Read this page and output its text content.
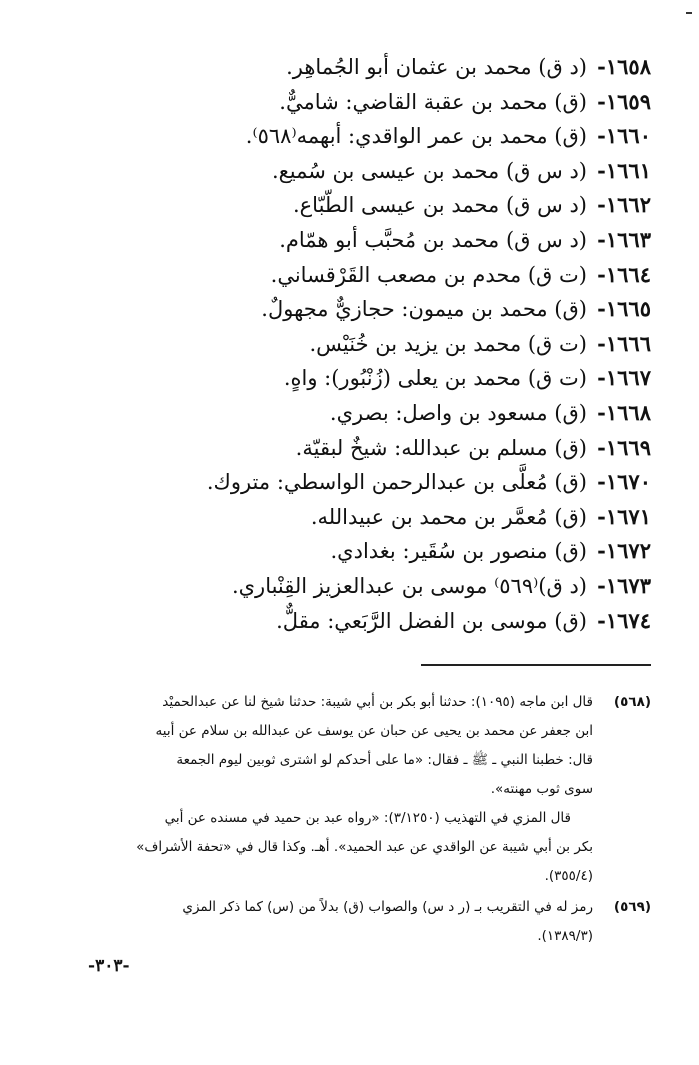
١٦٥٨-
(د ق) محمد بن عثمان أبو الجُماهِر.
١٦٥٩-
(ق) محمد بن عقبة القاضي: شاميٌّ.
١٦٦٠-
(ق) محمد بن عمر الواقدي: أبهمه⁽٥٦٨⁾.
١٦٦١-
(د س ق) محمد بن عيسى بن سُميع.
١٦٦٢-
(د س ق) محمد بن عيسى الطّبّاع.
١٦٦٣-
(د س ق) محمد بن مُحبَّب أبو همّام.
١٦٦٤-
(ت ق) محدم بن مصعب القَرْقساني.
١٦٦٥-
(ق) محمد بن ميمون: حجازيٌّ مجهولٌ.
١٦٦٦-
(ت ق) محمد بن يزيد بن خُنَيْس.
١٦٦٧-
(ت ق) محمد بن يعلى (زُنْبُور): واهٍ.
١٦٦٨-
(ق) مسعود بن واصل: بصري.
١٦٦٩-
(ق) مسلم بن عبدالله: شيخٌ لبقيّة.
١٦٧٠-
(ق) مُعلَّى بن عبدالرحمن الواسطي: متروك.
١٦٧١-
(ق) مُعمَّر بن محمد بن عبيدالله.
١٦٧٢-
(ق) منصور بن سُقَير: بغدادي.
١٦٧٣-
(د ق)⁽٥٦٩⁾ موسى بن عبدالعزيز القِنْباري.
١٦٧٤-
(ق) موسى بن الفضل الرَّبَعي: مقلٌّ.
(٥٦٨)
قال ابن ماجه (١٠٩٥): حدثنا أبو بكر بن أبي شيبة: حدثنا شيخ لنا عن عبدالحميْد
ابن جعفر عن محمد بن يحيى عن حبان عن يوسف عن عبدالله بن سلام عن أبيه
قال: خطبنا النبي ـ ﷺ ـ فقال: «ما على أحدكم لو اشترى ثوبين ليوم الجمعة
سوى ثوب مهنته».
قال المزي في التهذيب (٣/١٢٥٠): «رواه عبد بن حميد في مسنده عن أبي
بكر بن أبي شيبة عن الواقدي عن عبد الحميد». أهـ. وكذا قال في «تحفة الأشراف»
(٣٥٥/٤).
(٥٦٩)
رمز له في التقريب بـ (ر د س) والصواب (ق) بدلاً من (س) كما ذكر المزي
(١٣٨٩/٣).
-٣٠٣-
